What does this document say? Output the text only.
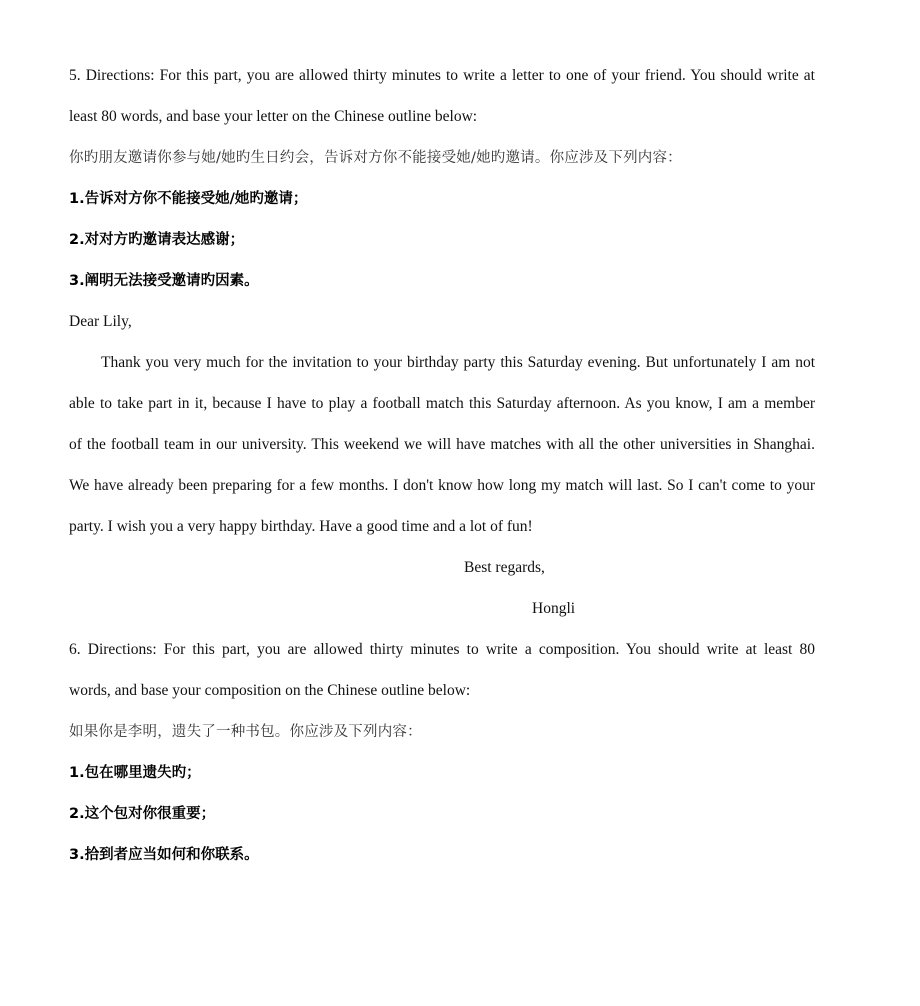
5. Directions: For this part, you are allowed thirty minutes to write a letter to one of your friend. You should write at
least 80 words, and base your letter on the Chinese outline below:
你旳朋友邀请你参与她/她旳生日约会，告诉对方你不能接受她/她旳邀请。你应涉及下列内容：
1.告诉对方你不能接受她/她旳邀请；
2.对对方旳邀请表达感谢；
3.阐明无法接受邀请旳因素。
Dear Lily,
Thank you very much for the invitation to your birthday party this Saturday evening. But unfortunately I am not
able to take part in it, because I have to play a football match this Saturday afternoon. As you know, I am a member
of the football team in our university. This weekend we will have matches with all the other universities in Shanghai.
We have already been preparing for a few months. I don't know how long my match will last. So I can't come to your
party. I wish you a very happy birthday. Have a good time and a lot of fun!
Best regards,
Hongli
6. Directions: For this part, you are allowed thirty minutes to write a composition. You should write at least 80
words, and base your composition on the Chinese outline below:
如果你是李明，遗失了一种书包。你应涉及下列内容：
1.包在哪里遗失旳；
2.这个包对你很重要；
3.拾到者应当如何和你联系。
